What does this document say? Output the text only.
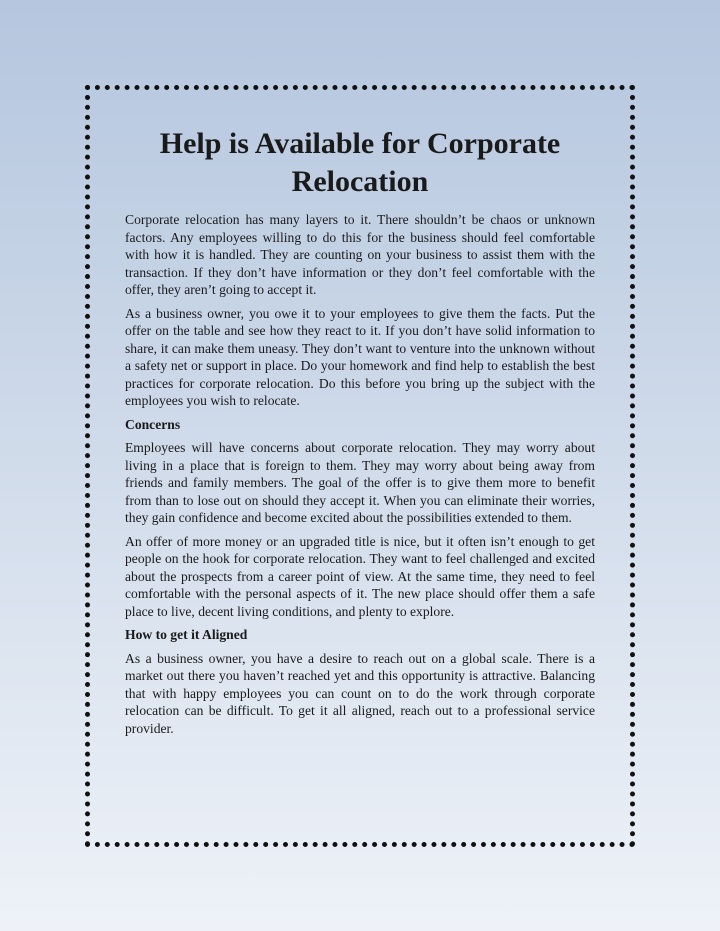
Help is Available for Corporate Relocation

Corporate relocation has many layers to it. There shouldn’t be chaos or unknown factors. Any employees willing to do this for the business should feel comfortable with how it is handled. They are counting on your business to assist them with the transaction. If they don’t have information or they don’t feel comfortable with the offer, they aren’t going to accept it.

As a business owner, you owe it to your employees to give them the facts. Put the offer on the table and see how they react to it. If you don’t have solid information to share, it can make them uneasy. They don’t want to venture into the unknown without a safety net or support in place. Do your homework and find help to establish the best practices for corporate relocation. Do this before you bring up the subject with the employees you wish to relocate.

Concerns

Employees will have concerns about corporate relocation. They may worry about living in a place that is foreign to them. They may worry about being away from friends and family members. The goal of the offer is to give them more to benefit from than to lose out on should they accept it. When you can eliminate their worries, they gain confidence and become excited about the possibilities extended to them.

An offer of more money or an upgraded title is nice, but it often isn’t enough to get people on the hook for corporate relocation. They want to feel challenged and excited about the prospects from a career point of view. At the same time, they need to feel comfortable with the personal aspects of it. The new place should offer them a safe place to live, decent living conditions, and plenty to explore.

How to get it Aligned

As a business owner, you have a desire to reach out on a global scale. There is a market out there you haven’t reached yet and this opportunity is attractive. Balancing that with happy employees you can count on to do the work through corporate relocation can be difficult. To get it all aligned, reach out to a professional service provider.
